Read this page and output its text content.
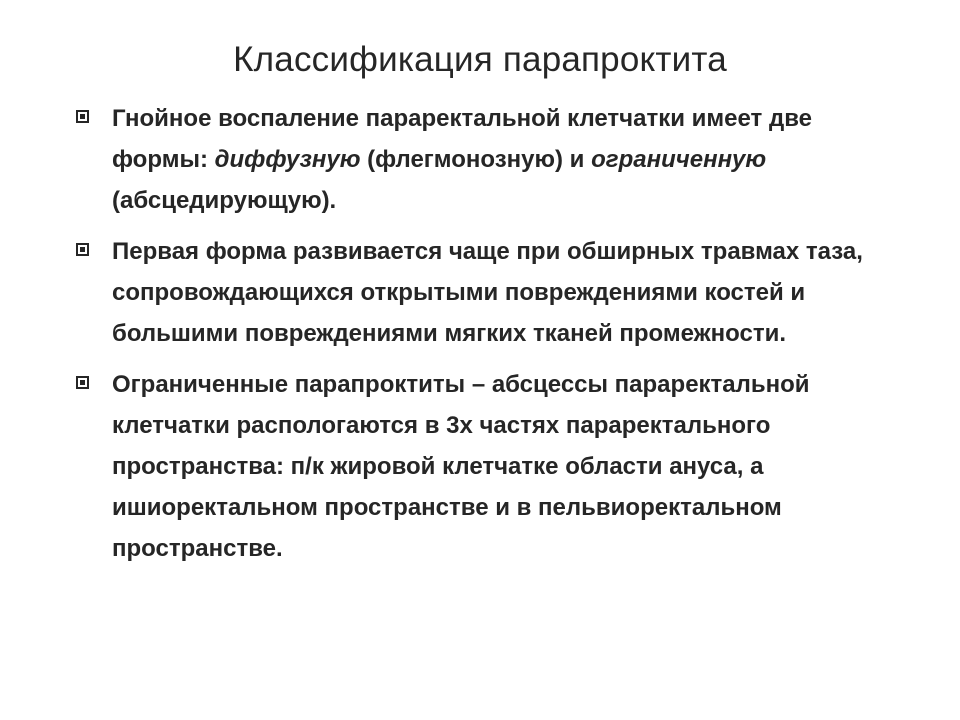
Классификация парапроктита
Гнойное воспаление параректальной клетчатки имеет две формы: диффузную (флегмонозную) и ограниченную (абсцедирующую).
Первая форма развивается чаще при обширных травмах таза, сопровождающихся открытыми повреждениями костей и большими повреждениями мягких тканей промежности.
Ограниченные парапроктиты – абсцессы параректальной клетчатки распологаются в 3х частях параректального пространства: п/к жировой клетчатке области ануса, а ишиоректальном пространстве и в пельвиоректальном пространстве.
